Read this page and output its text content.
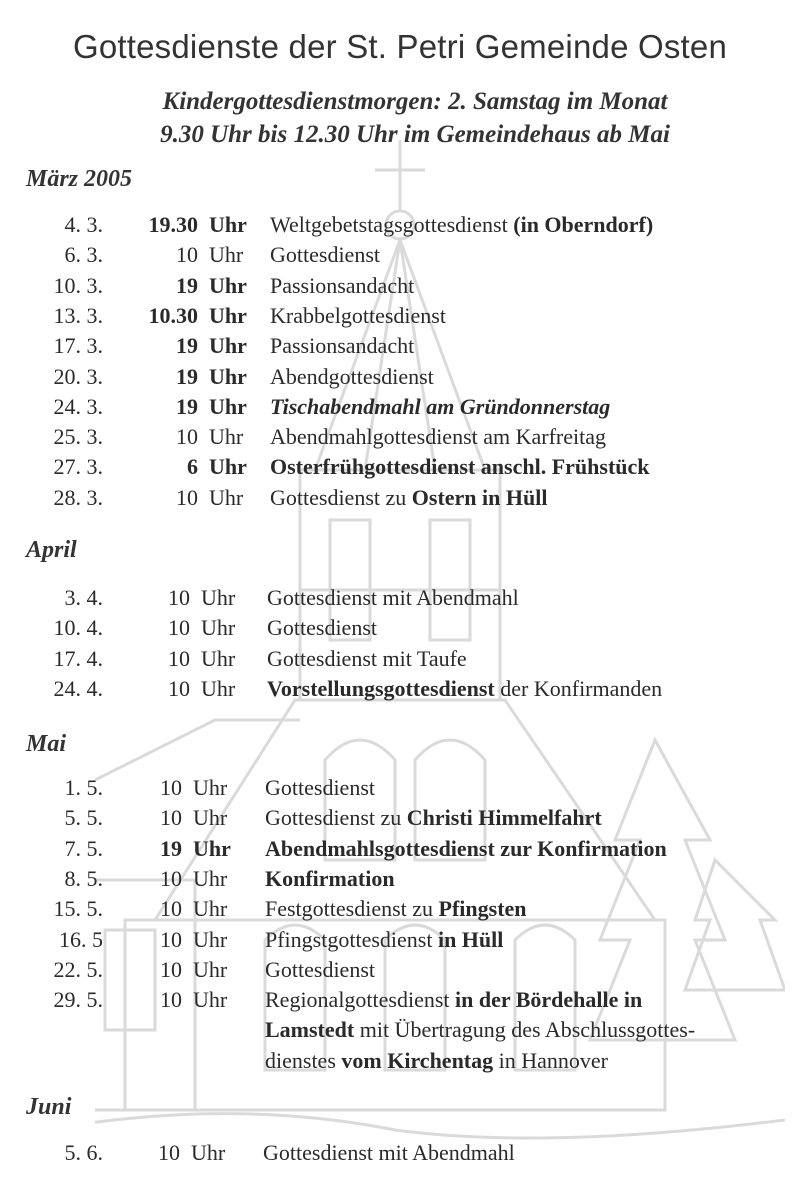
Gottesdienste der St. Petri Gemeinde Osten
Kindergottesdienstmorgen: 2. Samstag im Monat
9.30 Uhr bis 12.30 Uhr im Gemeindehaus ab Mai
März 2005
4. 3.	19.30  Uhr Weltgebetstagsgottesdienst (in Oberndorf)
6. 3.	10  Uhr Gottesdienst
10. 3.	19  Uhr Passionsandacht
13. 3.	10.30  Uhr Krabbelgottesdienst
17. 3.	19  Uhr Passionsandacht
20. 3.	19  Uhr Abendgottesdienst
24. 3.	19  Uhr Tischabendmahl am Gründonnerstag
25. 3.	10  Uhr Abendmahlgottesdienst am Karfreitag
27. 3.	6  Uhr Osterfrühgottesdienst anschl. Frühstück
28. 3.	10  Uhr Gottesdienst zu Ostern in Hüll
April
3. 4.	10  Uhr Gottesdienst mit Abendmahl
10. 4.	10  Uhr Gottesdienst
17. 4.	10  Uhr Gottesdienst mit Taufe
24. 4.	10  Uhr Vorstellungsgottesdienst der Konfirmanden
Mai
1. 5.	10  Uhr Gottesdienst
5. 5.	10  Uhr Gottesdienst zu Christi Himmelfahrt
7. 5.	19  Uhr Abendmahlsgottesdienst zur Konfirmation
8. 5.	10  Uhr Konfirmation
15. 5.	10  Uhr Festgottesdienst zu Pfingsten
16. 5	10  Uhr Pfingstgottesdienst in Hüll
22. 5.	10  Uhr Gottesdienst
29. 5.	10  Uhr Regionalgottesdienst in der Bördehalle in
Lamstedt mit Übertragung des Abschlussgottes-
dienstes vom Kirchentag in Hannover
Juni
5. 6.	10  Uhr Gottesdienst mit Abendmahl
